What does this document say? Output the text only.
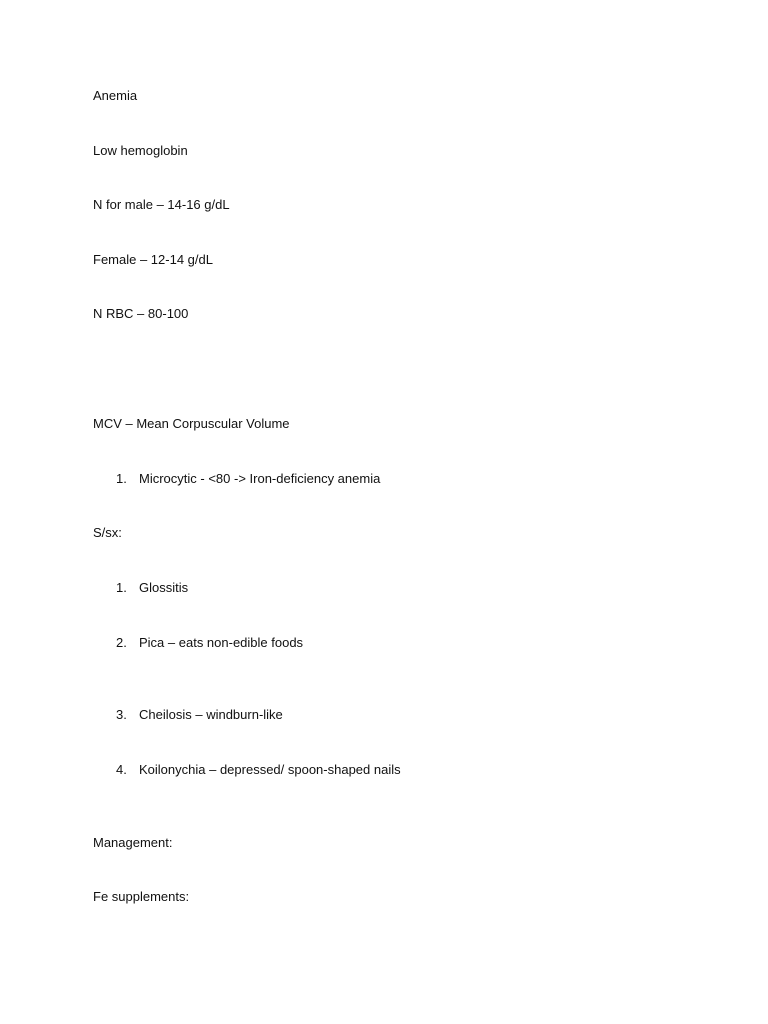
Anemia
Low hemoglobin
N for male – 14-16 g/dL
Female – 12-14 g/dL
N RBC – 80-100
MCV – Mean Corpuscular Volume
1. Microcytic - <80 -> Iron-deficiency anemia
S/sx:
1. Glossitis
2. Pica – eats non-edible foods
3. Cheilosis – windburn-like
4. Koilonychia – depressed/ spoon-shaped nails
Management:
Fe supplements:
